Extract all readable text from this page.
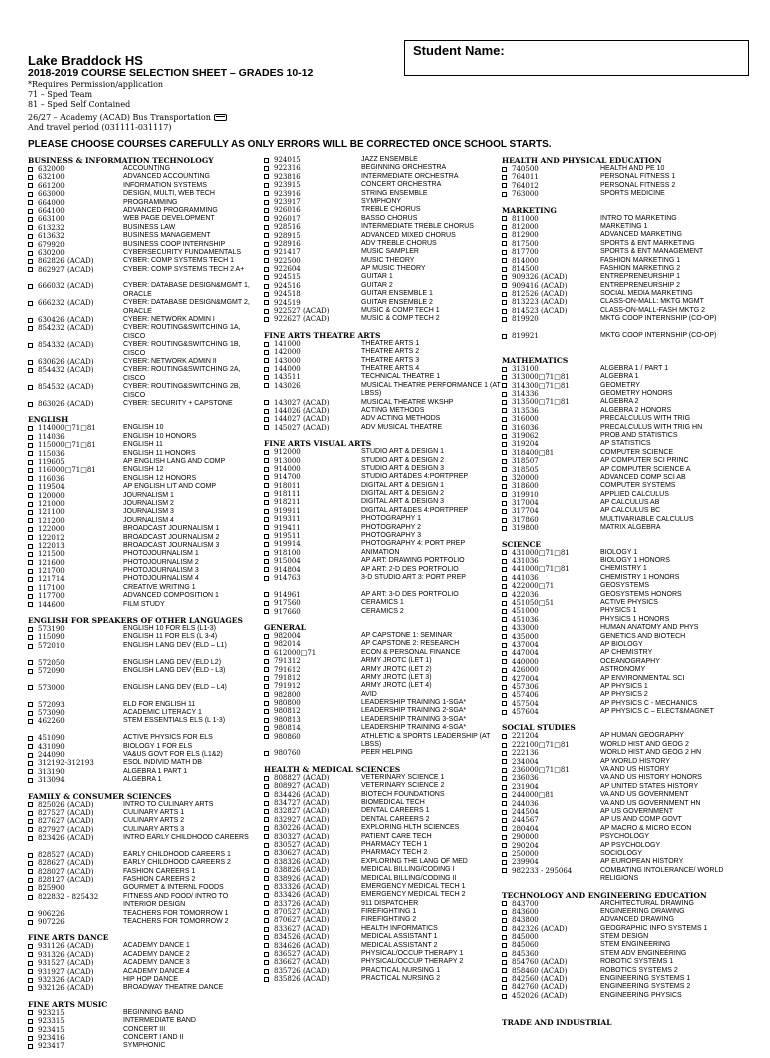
Student Name:
Lake Braddock HS
2018-2019 COURSE SELECTION SHEET – GRADES 10-12
*Requires Permission/application
71 – Sped Team
81 – Sped Self Contained
26/27 – Academy (ACAD) Bus Transportation
And travel period (031111-031117)
PLEASE CHOOSE COURSES CAREFULLY AS ONLY ERRORS WILL BE CORRECTED ONCE SCHOOL STARTS.
BUSINESS & INFORMATION TECHNOLOGY
632000	ACCOUNTING
632100	ADVANCED ACCOUNTING
661200	INFORMATION SYSTEMS
663000	DESIGN, MULTI, WEB TECH
664000	PROGRAMMING
664100	ADVANCED PROGRAMMING
663100	WEB PAGE DEVELOPMENT
613232	BUSINESS LAW
613632	BUSINESS MANAGEMENT
679920	BUSINESS COOP INTERNSHIP
630200	CYBERSECURITY FUNDAMENTALS
862826 (ACAD)	CYBER: COMP SYSTEMS TECH 1
862927 (ACAD)	CYBER: COMP SYSTEMS TECH 2 A+
666032 (ACAD)	CYBER: DATABASE DESIGN&MGMT 1, ORACLE
666232 (ACAD)	CYBER: DATABASE DESIGN&MGMT 2, ORACLE
630426 (ACAD)	CYBER: NETWORK ADMIN I
854232 (ACAD)	CYBER: ROUTING&SWITCHING 1A, CISCO
854332 (ACAD)	CYBER: ROUTING&SWITCHING 1B, CISCO
630626 (ACAD)	CYBER: NETWORK ADMIN II
854432 (ACAD)	CYBER: ROUTING&SWITCHING 2A, CISCO
854532 (ACAD)	CYBER: ROUTING&SWITCHING 2B, CISCO
863026 (ACAD)	CYBER: SECURITY + CAPSTONE
ENGLISH
114000□71□81	ENGLISH 10
114036	ENGLISH 10 HONORS
115000□71□81	ENGLISH 11
115036	ENGLISH 11 HONORS
119605	AP ENGLISH LANG AND COMP
116000□71□81	ENGLISH 12
116036	ENGLISH 12 HONORS
119504	AP ENGLISH LIT AND COMP
120000	JOURNALISM 1
121000	JOURNALISM 2
121100	JOURNALISM 3
121200	JOURNALISM 4
122000	BROADCAST JOURNALISM 1
122012	BROADCAST JOURNALISM 2
122013	BROADCAST JOURNALISM 3
121500	PHOTOJOURNALISM 1
121600	PHOTOJOURNALISM 2
121700	PHOTOJOURNALISM 3
121714	PHOTOJOURNALISM 4
117100	CREATIVE WRITING 1
117700	ADVANCED COMPOSITION 1
144600	FILM STUDY
ENGLISH FOR SPEAKERS OF OTHER LANGUAGES
573190	ENGLISH 10 FOR ELS (L1-3)
115090	ENGLISH 11 FOR ELS (L 3-4)
572010	ENGLISH LANG DEV (ELD – L1)
572050	ENGLISH LANG DEV (ELD L2)
572090	ENGLISH LANG DEV (ELD - L3)
573000	ENGLISH LANG DEV (ELD – L4)
572093	ELD FOR ENGLISH 11
573090	ACADEMIC LITERACY 1
462260	STEM ESSENTIALS ELS (L 1-3)
451090	ACTIVE PHYSICS FOR ELS
431090	BIOLOGY 1 FOR ELS
244090	VA&US GOVT FOR ELS (L1&2)
312192-312193	ESOL INDIVID MATH DB
313190	ALGEBRA 1 PART 1
313094	ALGEBRA 1
FAMILY & CONSUMER SCIENCES
825026 (ACAD)	INTRO TO CULINARY ARTS
827527 (ACAD)	CULINARY ARTS 1
827627 (ACAD)	CULINARY ARTS 2
827927 (ACAD)	CULINARY ARTS 3
823426 (ACAD)	INTRO EARLY CHILDHOOD CAREERS
828527 (ACAD)	EARLY CHILDHOOD CAREERS 1
828627 (ACAD)	EARLY CHILDHOOD CAREERS 2
828027 (ACAD)	FASHION CAREERS 1
828127 (ACAD)	FASHION CAREERS 2
825900	GOURMET & INTERNL FOODS
822832 - 825432	FITNESS AND FOOD/ INTRO TO INTERIOR DESIGN
906226	TEACHERS FOR TOMORROW 1
907226	TEACHERS FOR TOMORROW 2
FINE ARTS DANCE
931126 (ACAD)	ACADEMY DANCE 1
931326 (ACAD)	ACADEMY DANCE 2
931527 (ACAD)	ACADEMY DANCE 3
931927 (ACAD)	ACADEMY DANCE 4
932326 (ACAD)	HIP HOP DANCE
932126 (ACAD)	BROADWAY THEATRE DANCE
FINE ARTS MUSIC
923215	BEGINNING BAND
923315	INTERMEDIATE BAND
923415	CONCERT III
923416	CONCERT I AND II
923417	SYMPHONIC
924015	JAZZ ENSEMBLE
922316	BEGINNING ORCHESTRA
923816	INTERMEDIATE ORCHESTRA
923915	CONCERT ORCHESTRA
923916	STRING ENSEMBLE
923917	SYMPHONY
926016	TREBLE CHORUS
926017	BASSO CHORUS
928516	INTERMEDIATE TREBLE CHORUS
928915	ADVANCED MIXED CHORUS
928916	ADV TREBLE CHORUS
921417	MUSIC SAMPLER
922500	MUSIC THEORY
922604	AP MUSIC THEORY
924515	GUITAR 1
924516	GUITAR 2
924518	GUITAR ENSEMBLE 1
924519	GUITAR ENSEMBLE 2
922527 (ACAD)	MUSIC & COMP TECH 1
922627 (ACAD)	MUSIC & COMP TECH 2
FINE ARTS THEATRE ARTS
141000	THEATRE ARTS 1
142000	THEATRE ARTS 2
143000	THEATRE ARTS 3
144000	THEATRE ARTS 4
143511	TECHNICAL THEATRE 1
143026	MUSICAL THEATRE PERFORMANCE 1 (AT LBSS)
143027 (ACAD)	MUSICAL THEATRE WKSHP
144026 (ACAD)	ACTING METHODS
144027 (ACAD)	ADV ACTING METHODS
145027 (ACAD)	ADV MUSICAL THEATRE
FINE ARTS VISUAL ARTS
912000	STUDIO ART & DESIGN 1
913000	STUDIO ART & DESIGN 2
914000	STUDIO ART & DESIGN 3
914700	STUDIO ART&DES 4:PORTPREP
918011	DIGITAL ART & DESIGN 1
918111	DIGITAL ART & DESIGN 2
918211	DIGITAL ART & DESIGN 3
919911	DIGITAL ART&DES 4:PORTPREP
919311	PHOTOGRAPHY 1
919411	PHOTOGRAPHY 2
919511	PHOTOGRAPHY 3
919914	PHOTOGRAPHY 4: PORT PREP
918100	ANIMATION
915004	AP ART: DRAWING PORTFOLIO
914804	AP ART: 2-D DES PORTFOLIO
914763	3-D STUDIO ART 3: PORT PREP
914961	AP ART: 3-D DES PORTFOLIO
917560	CERAMICS 1
917660	CERAMICS 2
GENERAL
982004	AP CAPSTONE 1: SEMINAR
982014	AP CAPSTONE 2: RESEARCH
612000□71	ECON & PERSONAL FINANCE
791312	ARMY JROTC (LET 1)
791612	ARMY JROTC (LET 2)
791812	ARMY JROTC (LET 3)
791912	ARMY JROTC (LET 4)
982800	AVID
980800	LEADERSHIP TRAINING 1-SGA*
980812	LEADERSHIP TRAINING 2-SGA*
980813	LEADERSHIP TRAINING 3-SGA*
980814	LEADERSHIP TRAINING 4-SGA*
980860	ATHLETIC & SPORTS LEADERSHIP (AT LBSS)
980760	PEER HELPING
HEALTH & MEDICAL SCIENCES
808827 (ACAD)	VETERINARY SCIENCE 1
808927 (ACAD)	VETERINARY SCIENCE 2
834426 (ACAD)	BIOTECH FOUNDATIONS
834727 (ACAD)	BIOMEDICAL TECH
832827 (ACAD)	DENTAL CAREERS 1
832927 (ACAD)	DENTAL CAREERS 2
830226 (ACAD)	EXPLORING HLTH SCIENCES
830327 (ACAD)	PATIENT CARE TECH
830527 (ACAD)	PHARMACY TECH 1
830627 (ACAD)	PHARMACY TECH 2
838326 (ACAD)	EXPLORING THE LANG OF MED
838826 (ACAD)	MEDICAL BILLING/CODING I
838926 (ACAD)	MEDICAL BILLING/CODING II
833326 (ACAD)	EMERGENCY MEDICAL TECH 1
833426 (ACAD)	EMERGENCY MEDICAL TECH 2
833726 (ACAD)	911 DISPATCHER
870527 (ACAD)	FIREFIGHTING 1
870627 (ACAD)	FIREFIGHTING 2
833627 (ACAD)	HEALTH INFORMATICS
834526 (ACAD)	MEDICAL ASSISTANT 1
834626 (ACAD)	MEDICAL ASSISTANT 2
836527 (ACAD)	PHYSICAL/OCCUP THERAPY 1
836627 (ACAD)	PHYSICAL/OCCUP THERAPY 2
835726 (ACAD)	PRACTICAL NURSING 1
835826 (ACAD)	PRACTICAL NURSING 2
HEALTH AND PHYSICAL EDUCATION
740500	HEALTH AND PE 10
764011	PERSONAL FITNESS 1
764012	PERSONAL FITNESS 2
763000	SPORTS MEDICINE
MARKETING
811000	INTRO TO MARKETING
812000	MARKETING 1
812900	ADVANCED MARKETING
817500	SPORTS & ENT MARKETING
817700	SPORTS & ENT MANAGEMENT
814000	FASHION MARKETING 1
814500	FASHION MARKETING 2
909326 (ACAD)	ENTREPRENEURSHIP 1
909416 (ACAD)	ENTREPRENEURSHIP 2
812526 (ACAD)	SOCIAL MEDIA MARKETING
813223 (ACAD)	CLASS-ON-MALL: MKTG MGMT
814523 (ACAD)	CLASS-ON-MALL-FASH MKTG 2
819920	MKTG COOP INTERNSHIP (CO-OP)
819921	MKTG COOP INTERNSHIP (CO-OP)
MATHEMATICS
313100	ALGEBRA 1 / PART 1
313000□71□81	ALGEBRA 1
314300□71□81	GEOMETRY
314336	GEOMETRY HONORS
313500□71□81	ALGEBRA 2
313536	ALGEBRA 2 HONORS
316000	PRECALCULUS WITH TRIG
316036	PRECALCULUS WITH TRIG HN
319062	PROB AND STATISTICS
319204	AP STATISTICS
318400□81	COMPUTER SCIENCE
318507	AP COMPUTER SCI PRINC
318505	AP COMPUTER SCIENCE A
320000	ADVANCED COMP SCI AB
318600	COMPUTER SYSTEMS
319910	APPLIED CALCULUS
317004	AP CALCULUS AB
317704	AP CALCULUS BC
317860	MULTIVARIABLE CALCULUS
319800	MATRIX ALGEBRA
SCIENCE
431000□71□81	BIOLOGY 1
431036	BIOLOGY 1 HONORS
441000□71□81	CHEMISTRY 1
441036	CHEMISTRY 1 HONORS
422000□71	GEOSYSTEMS
422036	GEOSYSTEMS HONORS
451050□51	ACTIVE PHYSICS
451000	PHYSICS 1
451036	PHYSICS 1 HONORS
433000	HUMAN ANATOMY AND PHYS
435000	GENETICS AND BIOTECH
437004	AP BIOLOGY
447004	AP CHEMISTRY
440000	OCEANOGRAPHY
426000	ASTRONOMY
427004	AP ENVIRONMENTAL SCI
457306	AP PHYSICS 1
457406	AP PHYSICS 2
457504	AP PHYSICS C - MECHANICS
457604	AP PHYSICS C – ELECT&MAGNET
SOCIAL STUDIES
221204	AP HUMAN GEOGRAPHY
222100□71□81	WORLD HIST AND GEOG 2
222136	WORLD HIST AND GEOG 2 HN
234004	AP WORLD HISTORY
236000□71□81	VA AND US HISTORY
236036	VA AND US HISTORY HONORS
231904	AP UNITED STATES HISTORY
244000□81	VA AND US GOVERNMENT
244036	VA AND US GOVERNMENT HN
244504	AP US GOVERNMENT
244567	AP US AND COMP GOVT
280404	AP MACRO & MICRO ECON
290000	PSYCHOLOGY
290204	AP PSYCHOLOGY
250000	SOCIOLOGY
239904	AP EUROPEAN HISTORY
982233 - 295064	COMBATING INTOLERANCE/ WORLD RELIGIONS
TECHNOLOGY AND ENGINEERING EDUCATION
843700	ARCHITECTURAL DRAWING
843600	ENGINEERING DRAWING
843800	ADVANCED DRAWING
842326 (ACAD)	GEOGRAPHIC INFO SYSTEMS 1
845000	STEM DESIGN
845060	STEM ENGINEERING
845360	STEM ADV ENGINEERING
854760 (ACAD)	ROBOTIC SYSTEMS 1
858460 (ACAD)	ROBOTICS SYSTEMS 2
842560 (ACAD)	ENGINEERING SYSTEMS 1
842760 (ACAD)	ENGINEERING SYSTEMS 2
452026 (ACAD)	ENGINEERING PHYSICS
TRADE AND INDUSTRIAL
